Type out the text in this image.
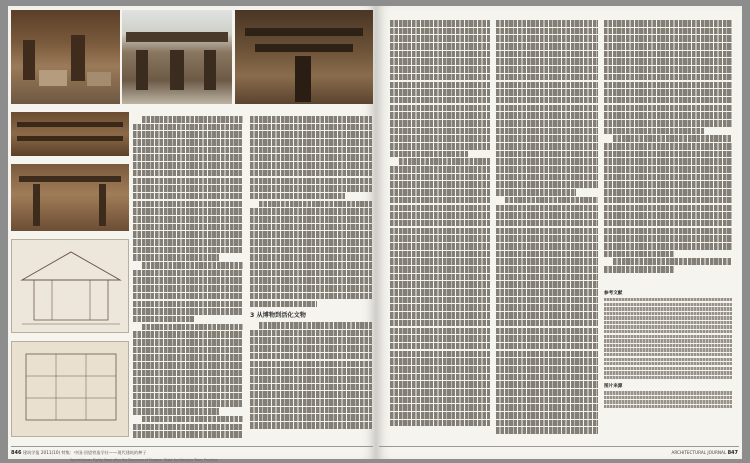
3 从博物到活化文物
846 建筑学报 2011(10) 特集：中国·回望营造学社——现代建筑的种子
Special Issue: Eighty Years after the Discovery of Yingzao · Eight Architecture Takes Precision
参考文献
图片来源
ARCHITECTURAL JOURNAL 847
